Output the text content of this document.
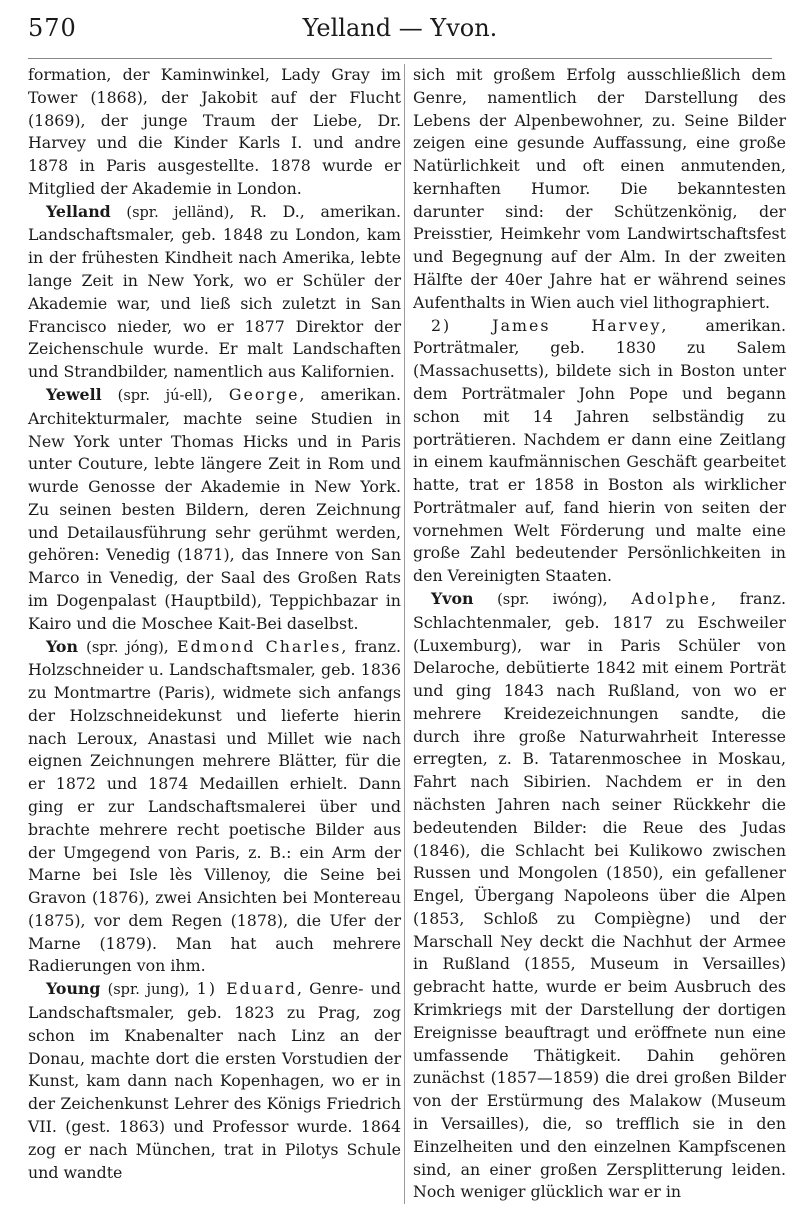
570	Yelland — Yvon.

formation, der Kaminwinkel, Lady Gray im Tower (1868), der Jakobit auf der Flucht (1869), der junge Traum der Liebe, Dr. Harvey und die Kinder Karls I. und andre 1878 in Paris ausgestellte. 1878 wurde er Mitglied der Akademie in London.

Yelland (spr. jelländ), R. D., amerikan. Landschaftsmaler, geb. 1848 zu London, kam in der frühesten Kindheit nach Amerika, lebte lange Zeit in New York, wo er Schüler der Akademie war, und ließ sich zuletzt in San Francisco nieder, wo er 1877 Direktor der Zeichenschule wurde. Er malt Landschaften und Strandbilder, namentlich aus Kalifornien.

Yewell (spr. jú-ell), George, amerikan. Architekturmaler, machte seine Studien in New York unter Thomas Hicks und in Paris unter Couture, lebte längere Zeit in Rom und wurde Genosse der Akademie in New York. Zu seinen besten Bildern, deren Zeichnung und Detailausführung sehr gerühmt werden, gehören: Venedig (1871), das Innere von San Marco in Venedig, der Saal des Großen Rats im Dogenpalast (Hauptbild), Teppichbazar in Kairo und die Moschee Kait-Bei daselbst.

Yon (spr. jóng), Edmond Charles, franz. Holzschneider u. Landschaftsmaler, geb. 1836 zu Montmartre (Paris), widmete sich anfangs der Holzschneidekunst und lieferte hierin nach Leroux, Anastasi und Millet wie nach eignen Zeichnungen mehrere Blätter, für die er 1872 und 1874 Medaillen erhielt. Dann ging er zur Landschaftsmalerei über und brachte mehrere recht poetische Bilder aus der Umgegend von Paris, z. B.: ein Arm der Marne bei Isle lès Villenoy, die Seine bei Gravon (1876), zwei Ansichten bei Montereau (1875), vor dem Regen (1878), die Ufer der Marne (1879). Man hat auch mehrere Radierungen von ihm.

Young (spr. jung), 1) Eduard, Genre- und Landschaftsmaler, geb. 1823 zu Prag, zog schon im Knabenalter nach Linz an der Donau, machte dort die ersten Vorstudien der Kunst, kam dann nach Kopenhagen, wo er in der Zeichenkunst Lehrer des Königs Friedrich VII. (gest. 1863) und Professor wurde. 1864 zog er nach München, trat in Pilotys Schule und wandte

sich mit großem Erfolg ausschließlich dem Genre, namentlich der Darstellung des Lebens der Alpenbewohner, zu. Seine Bilder zeigen eine gesunde Auffassung, eine große Natürlichkeit und oft einen anmutenden, kernhaften Humor. Die bekanntesten darunter sind: der Schützenkönig, der Preisstier, Heimkehr vom Landwirtschaftsfest und Begegnung auf der Alm. In der zweiten Hälfte der 40er Jahre hat er während seines Aufenthalts in Wien auch viel lithographiert.

2) James Harvey, amerikan. Porträtmaler, geb. 1830 zu Salem (Massachusetts), bildete sich in Boston unter dem Porträtmaler John Pope und begann schon mit 14 Jahren selbständig zu porträtieren. Nachdem er dann eine Zeitlang in einem kaufmännischen Geschäft gearbeitet hatte, trat er 1858 in Boston als wirklicher Porträtmaler auf, fand hierin von seiten der vornehmen Welt Förderung und malte eine große Zahl bedeutender Persönlichkeiten in den Vereinigten Staaten.

Yvon (spr. iwóng), Adolphe, franz. Schlachtenmaler, geb. 1817 zu Eschweiler (Luxemburg), war in Paris Schüler von Delaroche, debütierte 1842 mit einem Porträt und ging 1843 nach Rußland, von wo er mehrere Kreidezeichnungen sandte, die durch ihre große Naturwahrheit Interesse erregten, z. B. Tatarenmoschee in Moskau, Fahrt nach Sibirien. Nachdem er in den nächsten Jahren nach seiner Rückkehr die bedeutenden Bilder: die Reue des Judas (1846), die Schlacht bei Kulikowo zwischen Russen und Mongolen (1850), ein gefallener Engel, Übergang Napoleons über die Alpen (1853, Schloß zu Compiègne) und der Marschall Ney deckt die Nachhut der Armee in Rußland (1855, Museum in Versailles) gebracht hatte, wurde er beim Ausbruch des Krimkriegs mit der Darstellung der dortigen Ereignisse beauftragt und eröffnete nun eine umfassende Thätigkeit. Dahin gehören zunächst (1857—1859) die drei großen Bilder von der Erstürmung des Malakow (Museum in Versailles), die, so trefflich sie in den Einzelheiten und den einzelnen Kampfscenen sind, an einer großen Zersplitterung leiden. Noch weniger glücklich war er in
